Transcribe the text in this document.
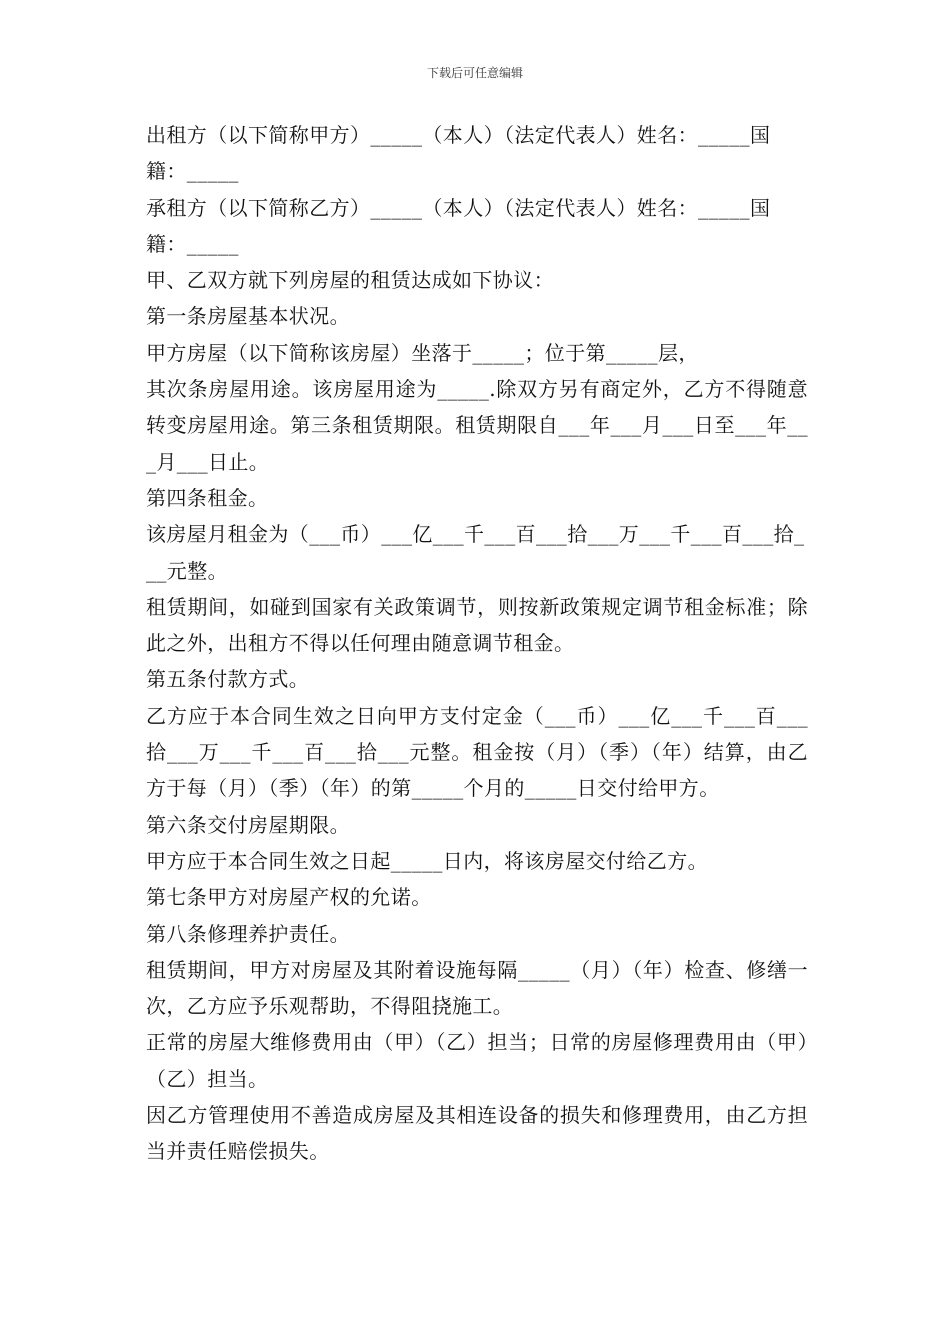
下载后可任意编辑

出租方（以下简称甲方）_____（本人）（法定代表人）姓名：_____国籍：_____

承租方（以下简称乙方）_____（本人）（法定代表人）姓名：_____国籍：_____

甲、乙双方就下列房屋的租赁达成如下协议：

第一条房屋基本状况。

甲方房屋（以下简称该房屋）坐落于_____；位于第_____层，

其次条房屋用途。该房屋用途为_____.除双方另有商定外，乙方不得随意转变房屋用途。第三条租赁期限。租赁期限自___年___月___日至___年___月___日止。

第四条租金。

该房屋月租金为（___币）___亿___千___百___拾___万___千___百___拾___元整。

租赁期间，如碰到国家有关政策调节，则按新政策规定调节租金标准；除此之外，出租方不得以任何理由随意调节租金。

第五条付款方式。

乙方应于本合同生效之日向甲方支付定金（___币）___亿___千___百___拾___万___千___百___拾___元整。租金按（月）（季）（年）结算，由乙方于每（月）（季）（年）的第_____个月的_____日交付给甲方。

第六条交付房屋期限。

甲方应于本合同生效之日起_____日内，将该房屋交付给乙方。

第七条甲方对房屋产权的允诺。

第八条修理养护责任。

租赁期间，甲方对房屋及其附着设施每隔_____（月）（年）检查、修缮一次，乙方应予乐观帮助，不得阻挠施工。

正常的房屋大维修费用由（甲）（乙）担当；日常的房屋修理费用由（甲）（乙）担当。

因乙方管理使用不善造成房屋及其相连设备的损失和修理费用，由乙方担当并责任赔偿损失。
